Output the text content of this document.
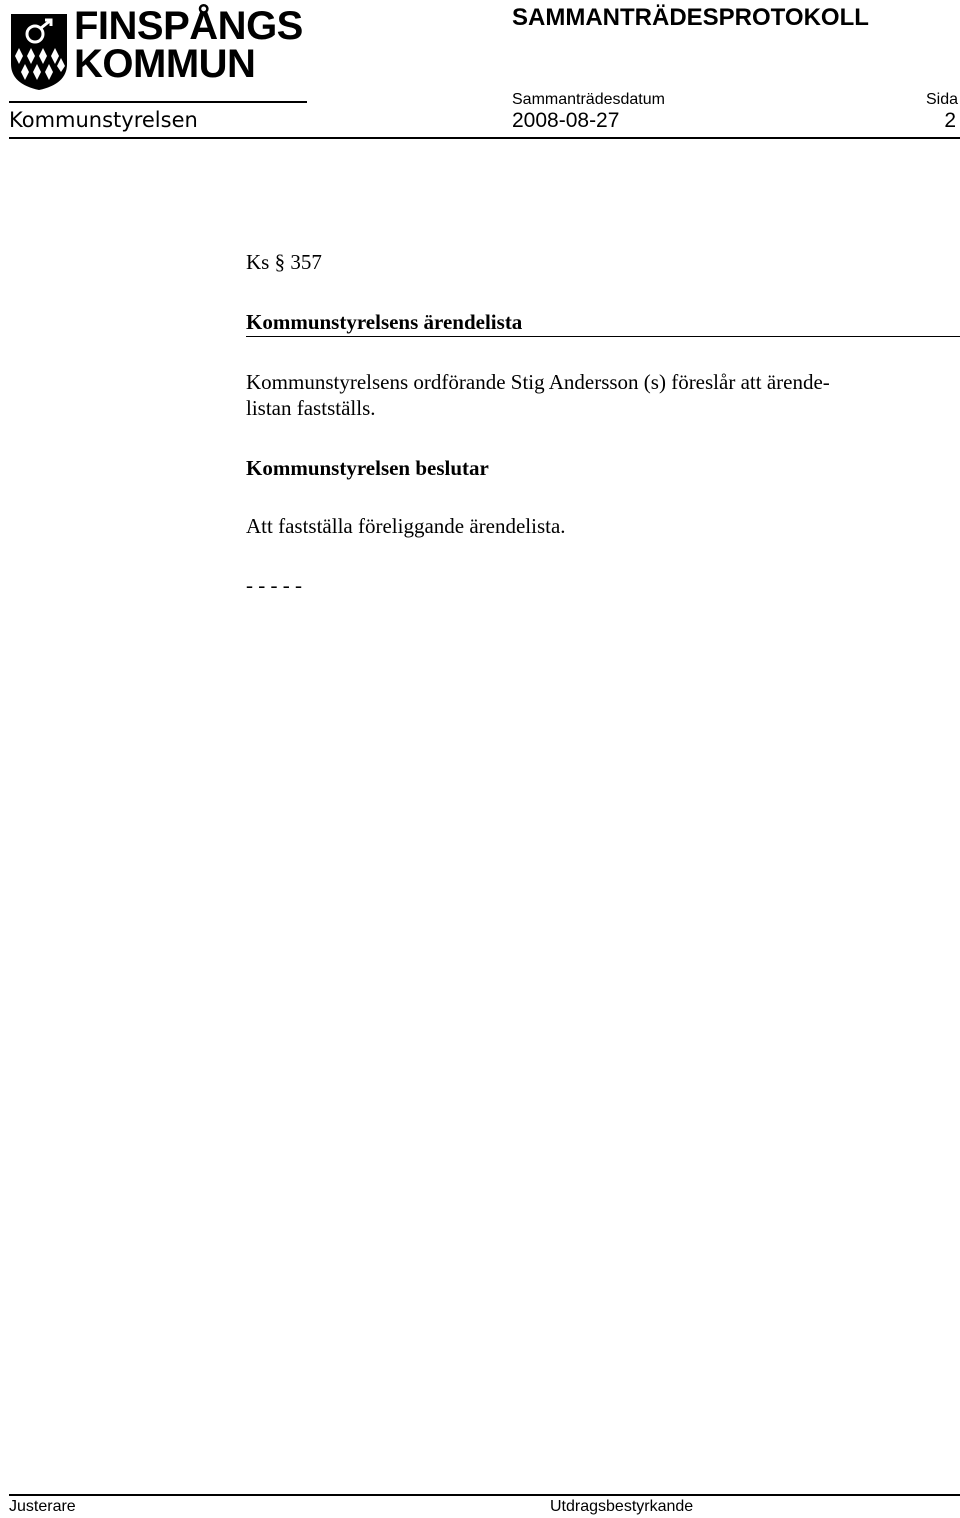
FINSPÅNGS
KOMMUN
Kommunstyrelsen
SAMMANTRÄDESPROTOKOLL
Sammanträdesdatum
2008-08-27
Sida
2
Ks § 357
Kommunstyrelsens ärendelista
Kommunstyrelsens ordförande Stig Andersson (s) föreslår att ärende-
listan fastställs.
Kommunstyrelsen beslutar
Att fastställa föreliggande ärendelista.
- - - - -
Justerare	Utdragsbestyrkande
